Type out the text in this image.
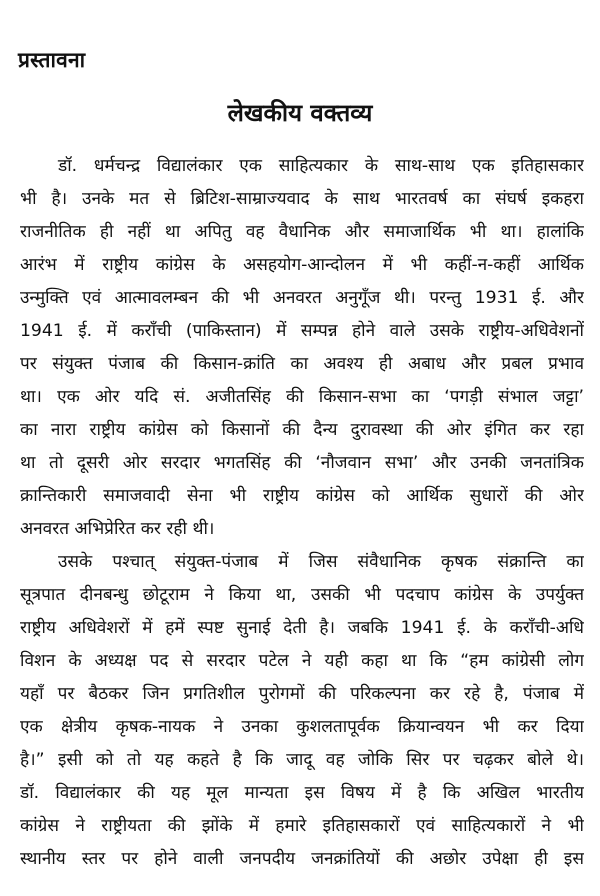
प्रस्तावना
लेखकीय वक्तव्य
डॉ. धर्मचन्द्र विद्यालंकार एक साहित्यकार के साथ-साथ एक इतिहासकार
भी है। उनके मत से ब्रिटिश-साम्राज्यवाद के साथ भारतवर्ष का संघर्ष इकहरा
राजनीतिक ही नहीं था अपितु वह वैधानिक और समाजार्थिक भी था। हालांकि
आरंभ में राष्ट्रीय कांग्रेस के असहयोग-आन्दोलन में भी कहीं-न-कहीं आर्थिक
उन्मुक्ति एवं आत्मावलम्बन की भी अनवरत अनुगूँज थी। परन्तु 1931 ई. और
1941 ई. में कराँची (पाकिस्तान) में सम्पन्न होने वाले उसके राष्ट्रीय-अधिवेशनों
पर संयुक्त पंजाब की किसान-क्रांति का अवश्य ही अबाध और प्रबल प्रभाव
था। एक ओर यदि सं. अजीतसिंह की किसान-सभा का ‘पगड़ी संभाल जट्टा’
का नारा राष्ट्रीय कांग्रेस को किसानों की दैन्य दुरावस्था की ओर इंगित कर रहा
था तो दूसरी ओर सरदार भगतसिंह की ‘नौजवान सभा’ और उनकी जनतांत्रिक
क्रान्तिकारी समाजवादी सेना भी राष्ट्रीय कांग्रेस को आर्थिक सुधारों की ओर
अनवरत अभिप्रेरित कर रही थी।
उसके पश्चात् संयुक्त-पंजाब में जिस संवैधानिक कृषक संक्रान्ति का
सूत्रपात दीनबन्धु छोटूराम ने किया था, उसकी भी पदचाप कांग्रेस के उपर्युक्त
राष्ट्रीय अधिवेशरों में हमें स्पष्ट सुनाई देती है। जबकि 1941 ई. के कराँची-अधि
विशन के अध्यक्ष पद से सरदार पटेल ने यही कहा था कि “हम कांग्रेसी लोग
यहाँ पर बैठकर जिन प्रगतिशील पुरोगमों की परिकल्पना कर रहे है, पंजाब में
एक क्षेत्रीय कृषक-नायक ने उनका कुशलतापूर्वक क्रियान्वयन भी कर दिया
है।” इसी को तो यह कहते है कि जादू वह जोकि सिर पर चढ़कर बोले थे।
डॉ. विद्यालंकार की यह मूल मान्यता इस विषय में है कि अखिल भारतीय
कांग्रेस ने राष्ट्रीयता की झोंके में हमारे इतिहासकारों एवं साहित्यकारों ने भी
स्थानीय स्तर पर होने वाली जनपदीय जनक्रांतियों की अछोर उपेक्षा ही इस
